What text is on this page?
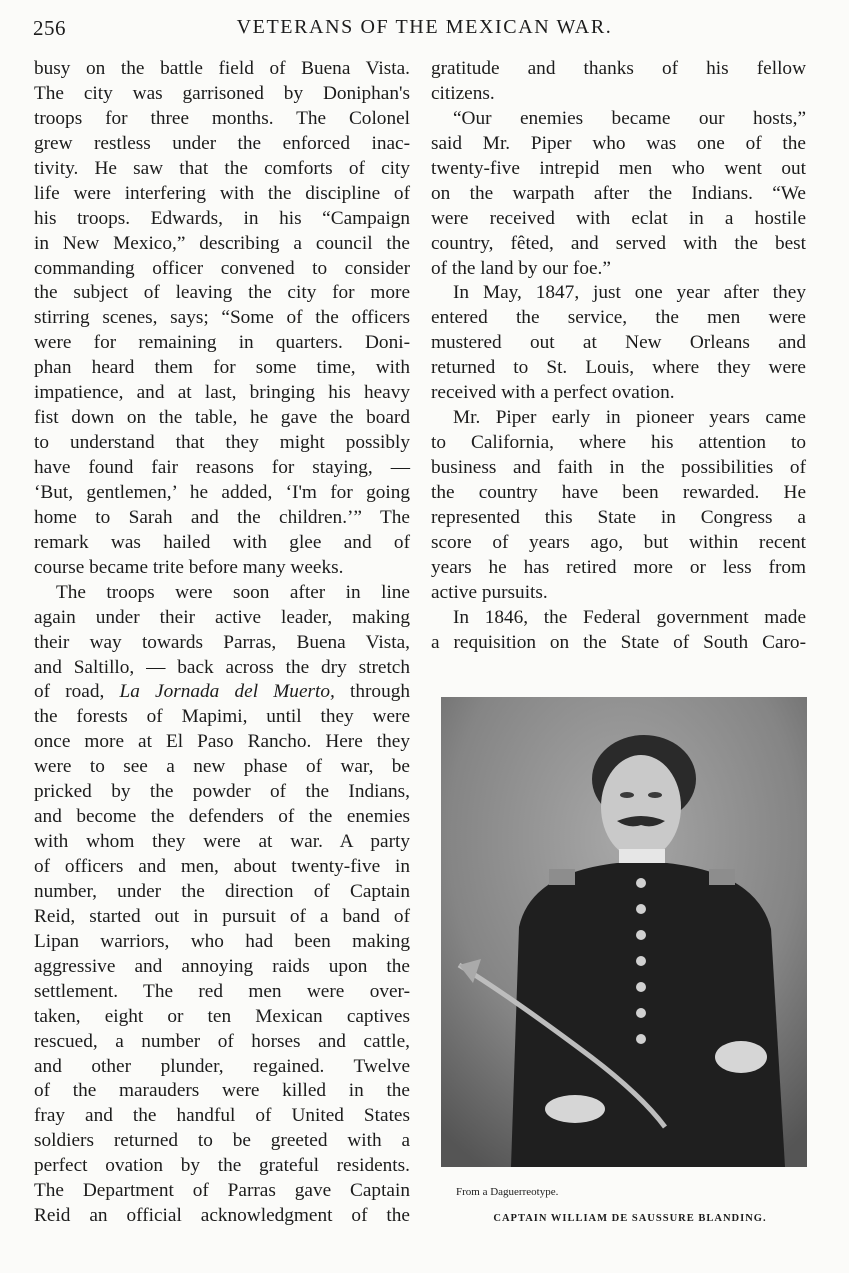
256	VETERANS OF THE MEXICAN WAR.
busy on the battle field of Buena Vista.
The city was garrisoned by Doniphan's
troops for three months. The Colonel
grew restless under the enforced inac-
tivity. He saw that the comforts of city
life were interfering with the discipline of
his troops. Edwards, in his “Campaign
in New Mexico,” describing a council the
commanding officer convened to consider
the subject of leaving the city for more
stirring scenes, says; “Some of the officers
were for remaining in quarters. Doni-
phan heard them for some time, with
impatience, and at last, bringing his heavy
fist down on the table, he gave the board
to understand that they might possibly
have found fair reasons for staying, —
‘But, gentlemen,’ he added, ‘I'm for going
home to Sarah and the children.’” The
remark was hailed with glee and of
course became trite before many weeks.
The troops were soon after in line
again under their active leader, making
their way towards Parras, Buena Vista,
and Saltillo, — back across the dry stretch
of road, La Jornada del Muerto, through
the forests of Mapimi, until they were
once more at El Paso Rancho. Here they
were to see a new phase of war, be
pricked by the powder of the Indians,
and become the defenders of the enemies
with whom they were at war. A party
of officers and men, about twenty-five in
number, under the direction of Captain
Reid, started out in pursuit of a band of
Lipan warriors, who had been making
aggressive and annoying raids upon the
settlement. The red men were over-
taken, eight or ten Mexican captives
rescued, a number of horses and cattle,
and other plunder, regained. Twelve
of the marauders were killed in the
fray and the handful of United States
soldiers returned to be greeted with a
perfect ovation by the grateful residents.
The Department of Parras gave Captain
Reid an official acknowledgment of the
gratitude and thanks of his fellow
citizens.
“Our enemies became our hosts,”
said Mr. Piper who was one of the
twenty-five intrepid men who went out
on the warpath after the Indians. “We
were received with eclat in a hostile
country, fêted, and served with the best
of the land by our foe.”
In May, 1847, just one year after they
entered the service, the men were
mustered out at New Orleans and
returned to St. Louis, where they were
received with a perfect ovation.
Mr. Piper early in pioneer years came
to California, where his attention to
business and faith in the possibilities of
the country have been rewarded. He
represented this State in Congress a
score of years ago, but within recent
years he has retired more or less from
active pursuits.
In 1846, the Federal government made
a requisition on the State of South Caro-
From a Daguerreotype.
CAPTAIN WILLIAM DE SAUSSURE BLANDING.
